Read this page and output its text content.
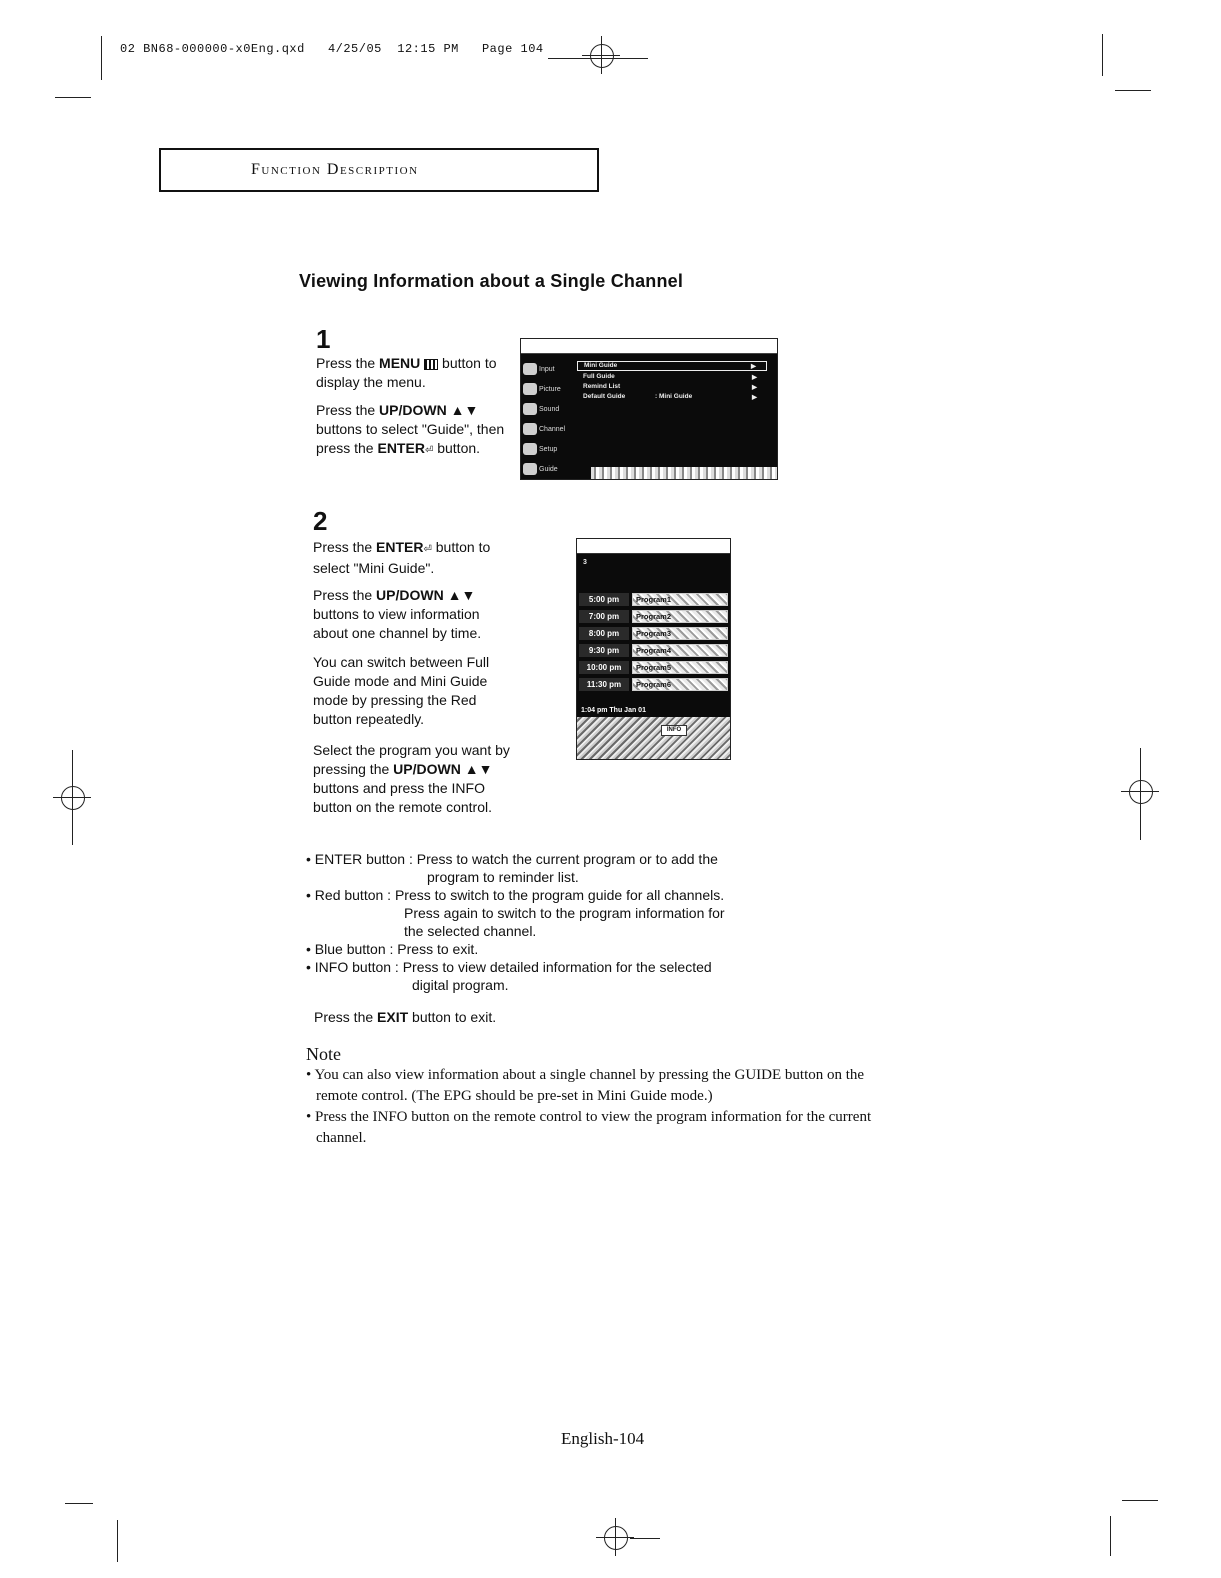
02 BN68-000000-x0Eng.qxd 4/25/05 12:15 PM Page 104
Function Description
Viewing Information about a Single Channel
1
Press the MENU  button to display the menu.
Press the UP/DOWN ▲▼ buttons to select "Guide", then press the ENTER⏎ button.
Input
Picture
Sound
Channel
Setup
Guide
Mini Guide	▶
Full Guide	▶
Remind List	▶
Default Guide	: Mini Guide	▶
2
Press the ENTER⏎ button to select "Mini Guide".
Press the UP/DOWN ▲▼ buttons to view information about one channel by time.
You can switch between Full Guide mode and Mini Guide mode by pressing the Red button repeatedly.
Select the program you want by pressing the UP/DOWN ▲▼ buttons and press the INFO button on the remote control.
3
5:00 pm	Program1
7:00 pm	Program2
8:00 pm	Program3
9:30 pm	Program4
10:00 pm	Program5
11:30 pm	Program6
1:04 pm Thu Jan 01
INFO
• ENTER button : Press to watch the current program or to add the
program to reminder list.
• Red button : Press to switch to the program guide for all channels.
Press again to switch to the program information for
the selected channel.
• Blue button : Press to exit.
• INFO button : Press to view detailed information for the selected
digital program.
Press the EXIT button to exit.
Note
• You can also view information about a single channel by pressing the GUIDE button on the
remote control. (The EPG should be pre-set in Mini Guide mode.)
• Press the INFO button on the remote control to view the program information for the current
channel.
English-104
